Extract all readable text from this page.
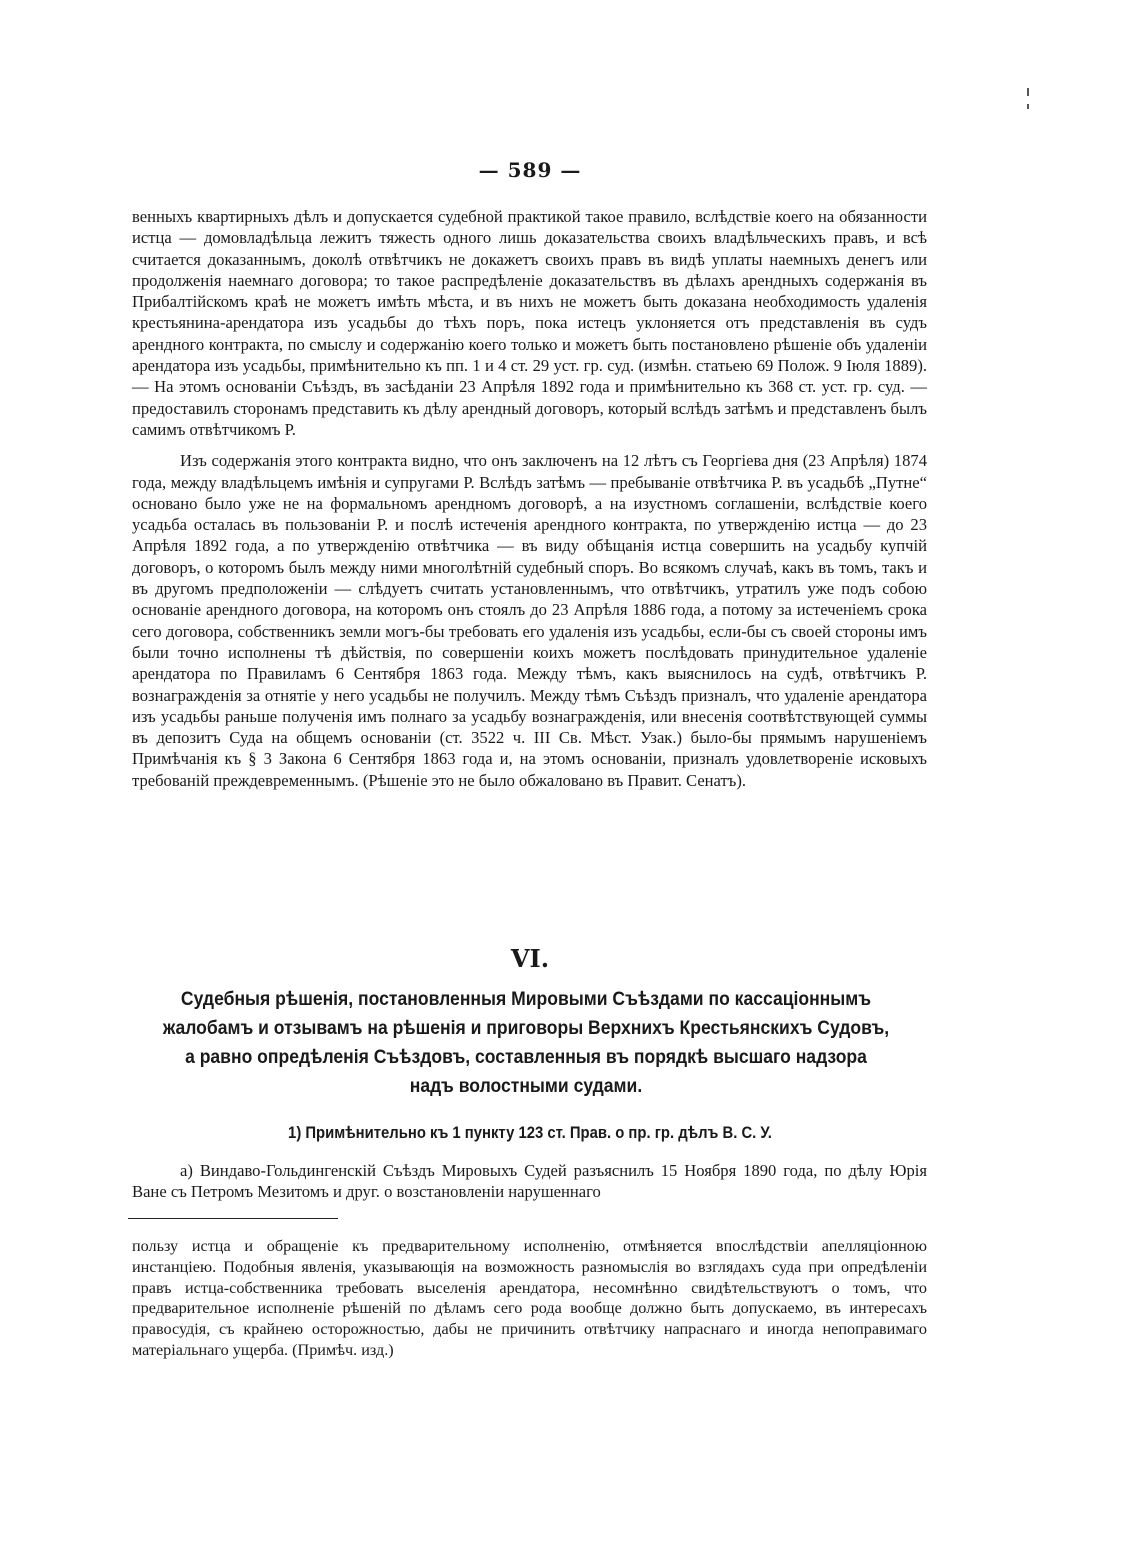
— 589 —

венныхъ квартирныхъ дѣлъ и допускается судебной практикой такое правило, вслѣдствіе коего на обязанности истца — домовладѣльца лежитъ тяжесть одного лишь доказательства своихъ владѣльческихъ правъ, и всѣ считается доказаннымъ, доколѣ отвѣтчикъ не докажетъ своихъ правъ въ видѣ уплаты наемныхъ денегъ или продолженія наемнаго договора; то такое распредѣленіе доказательствъ въ дѣлахъ арендныхъ содержанія въ Прибалтійскомъ краѣ не можетъ имѣть мѣста, и въ нихъ не можетъ быть доказана необходимость удаленія крестьянина-арендатора изъ усадьбы до тѣхъ поръ, пока истецъ уклоняется отъ представленія въ судъ арендного контракта, по смыслу и содержанію коего только и можетъ быть постановлено рѣшеніе объ удаленіи арендатора изъ усадьбы, примѣнительно къ пп. 1 и 4 ст. 29 уст. гр. суд. (измѣн. статьею 69 Полож. 9 Іюля 1889). — На этомъ основаніи Съѣздъ, въ засѣданіи 23 Апрѣля 1892 года и примѣнительно къ 368 ст. уст. гр. суд. — предоставилъ сторонамъ представить къ дѣлу арендный договоръ, который вслѣдъ затѣмъ и представленъ былъ самимъ отвѣтчикомъ Р.

Изъ содержанія этого контракта видно, что онъ заключенъ на 12 лѣтъ съ Георгіева дня (23 Апрѣля) 1874 года, между владѣльцемъ имѣнія и супругами Р. Вслѣдъ затѣмъ — пребываніе отвѣтчика Р. въ усадьбѣ „Путне“ основано было уже не на формальномъ арендномъ договорѣ, а на изустномъ соглашеніи, вслѣдствіе коего усадьба осталась въ пользованіи Р. и послѣ истеченія арендного контракта, по утвержденію истца — до 23 Апрѣля 1892 года, а по утвержденію отвѣтчика — въ виду обѣщанія истца совершить на усадьбу купчій договоръ, о которомъ былъ между ними многолѣтній судебный споръ. Во всякомъ случаѣ, какъ въ томъ, такъ и въ другомъ предположеніи — слѣдуетъ считать установленнымъ, что отвѣтчикъ, утратилъ уже подъ собою основаніе арендного договора, на которомъ онъ стоялъ до 23 Апрѣля 1886 года, а потому за истеченіемъ срока сего договора, собственникъ земли могъ-бы требовать его удаленія изъ усадьбы, если-бы съ своей стороны имъ были точно исполнены тѣ дѣйствія, по совершеніи коихъ можетъ послѣдовать принудительное удаленіе арендатора по Правиламъ 6 Сентября 1863 года. Между тѣмъ, какъ выяснилось на судѣ, отвѣтчикъ Р. вознагражденія за отнятіе у него усадьбы не получилъ. Между тѣмъ Съѣздъ призналъ, что удаленіе арендатора изъ усадьбы раньше полученія имъ полнаго за усадьбу вознагражденія, или внесенія соотвѣтствующей суммы въ депозитъ Суда на общемъ основаніи (ст. 3522 ч. III Св. Мѣст. Узак.) было-бы прямымъ нарушеніемъ Примѣчанія къ § 3 Закона 6 Сентября 1863 года и, на этомъ основаніи, призналъ удовлетвореніе исковыхъ требованій преждевременнымъ. (Рѣшеніе это не было обжаловано въ Правит. Сенатъ).

VI.

Судебныя рѣшенія, постановленныя Мировыми Съѣздами по кассаціоннымъ жалобамъ и отзывамъ на рѣшенія и приговоры Верхнихъ Крестьянскихъ Судовъ, а равно опредѣленія Съѣздовъ, составленныя въ порядкѣ высшаго надзора надъ волостными судами.

1) Примѣнительно къ 1 пункту 123 ст. Прав. о пр. гр. дѣлъ В. С. У.

а) Виндаво-Гольдингенскій Съѣздъ Мировыхъ Судей разъяснилъ 15 Ноября 1890 года, по дѣлу Юрія Ване съ Петромъ Мезитомъ и друг. о возстановленіи нарушеннаго

пользу истца и обращеніе къ предварительному исполненію, отмѣняется впослѣдствіи апелляціонною инстанціею. Подобныя явленія, указывающія на возможность разномыслія во взглядахъ суда при опредѣленіи правъ истца-собственника требовать выселенія арендатора, несомнѣнно свидѣтельствуютъ о томъ, что предварительное исполненіе рѣшеній по дѣламъ сего рода вообще должно быть допускаемо, въ интересахъ правосудія, съ крайнею осторожностью, дабы не причинить отвѣтчику напраснаго и иногда непоправимаго матеріальнаго ущерба. (Примѣч. изд.)
